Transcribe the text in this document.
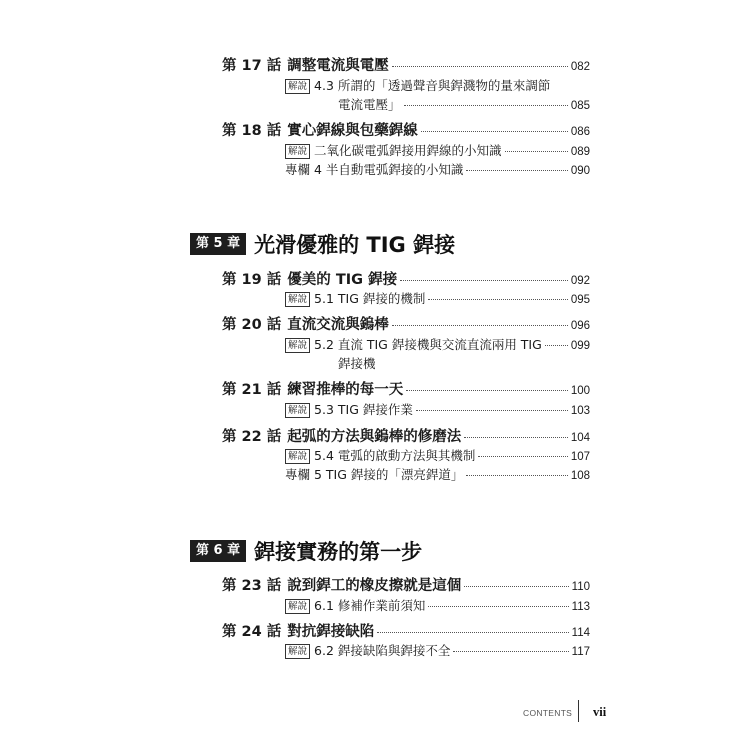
第 17 話 調整電流與電壓	082
解說 4.3 所謂的「透過聲音與銲濺物的量來調節
電流電壓」	085
第 18 話 實心銲線與包藥銲線	086
解說 二氧化碳電弧銲接用銲線的小知識	089
專欄 4 半自動電弧銲接的小知識	090
第 5 章 光滑優雅的 TIG 銲接
第 19 話 優美的 TIG 銲接	092
解說 5.1 TIG 銲接的機制	095
第 20 話 直流交流與鎢棒	096
解說 5.2 直流 TIG 銲接機與交流直流兩用 TIG	099
銲接機
第 21 話 練習推棒的每一天	100
解說 5.3 TIG 銲接作業	103
第 22 話 起弧的方法與鎢棒的修磨法	104
解說 5.4 電弧的啟動方法與其機制	107
專欄 5 TIG 銲接的「漂亮銲道」	108
第 6 章 銲接實務的第一步
第 23 話 說到銲工的橡皮擦就是這個	110
解說 6.1 修補作業前須知	113
第 24 話 對抗銲接缺陷	114
解說 6.2 銲接缺陷與銲接不全	117
CONTENTS vii
